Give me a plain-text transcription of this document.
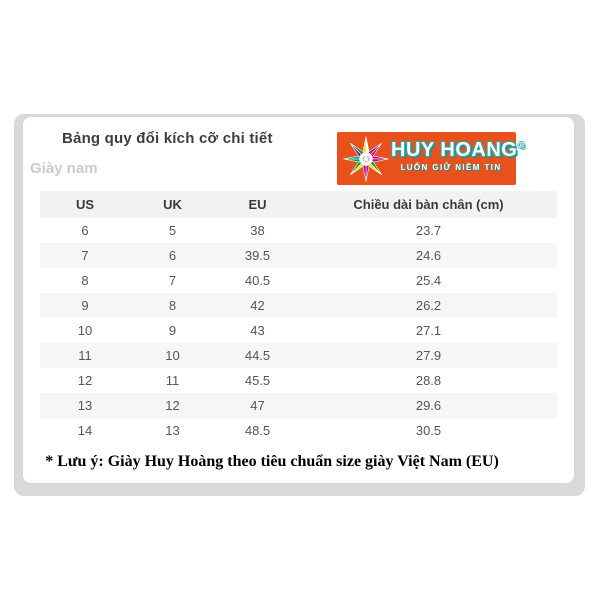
Bảng quy đổi kích cỡ chi tiết
Giày nam
HUY HOANG®
LUÔN GIỮ NIỀM TIN
US	UK	EU	Chiều dài bàn chân (cm)
6	5	38	23.7
7	6	39.5	24.6
8	7	40.5	25.4
9	8	42	26.2
10	9	43	27.1
11	10	44.5	27.9
12	11	45.5	28.8
13	12	47	29.6
14	13	48.5	30.5
* Lưu ý: Giày Huy Hoàng theo tiêu chuẩn size giày Việt Nam (EU)
